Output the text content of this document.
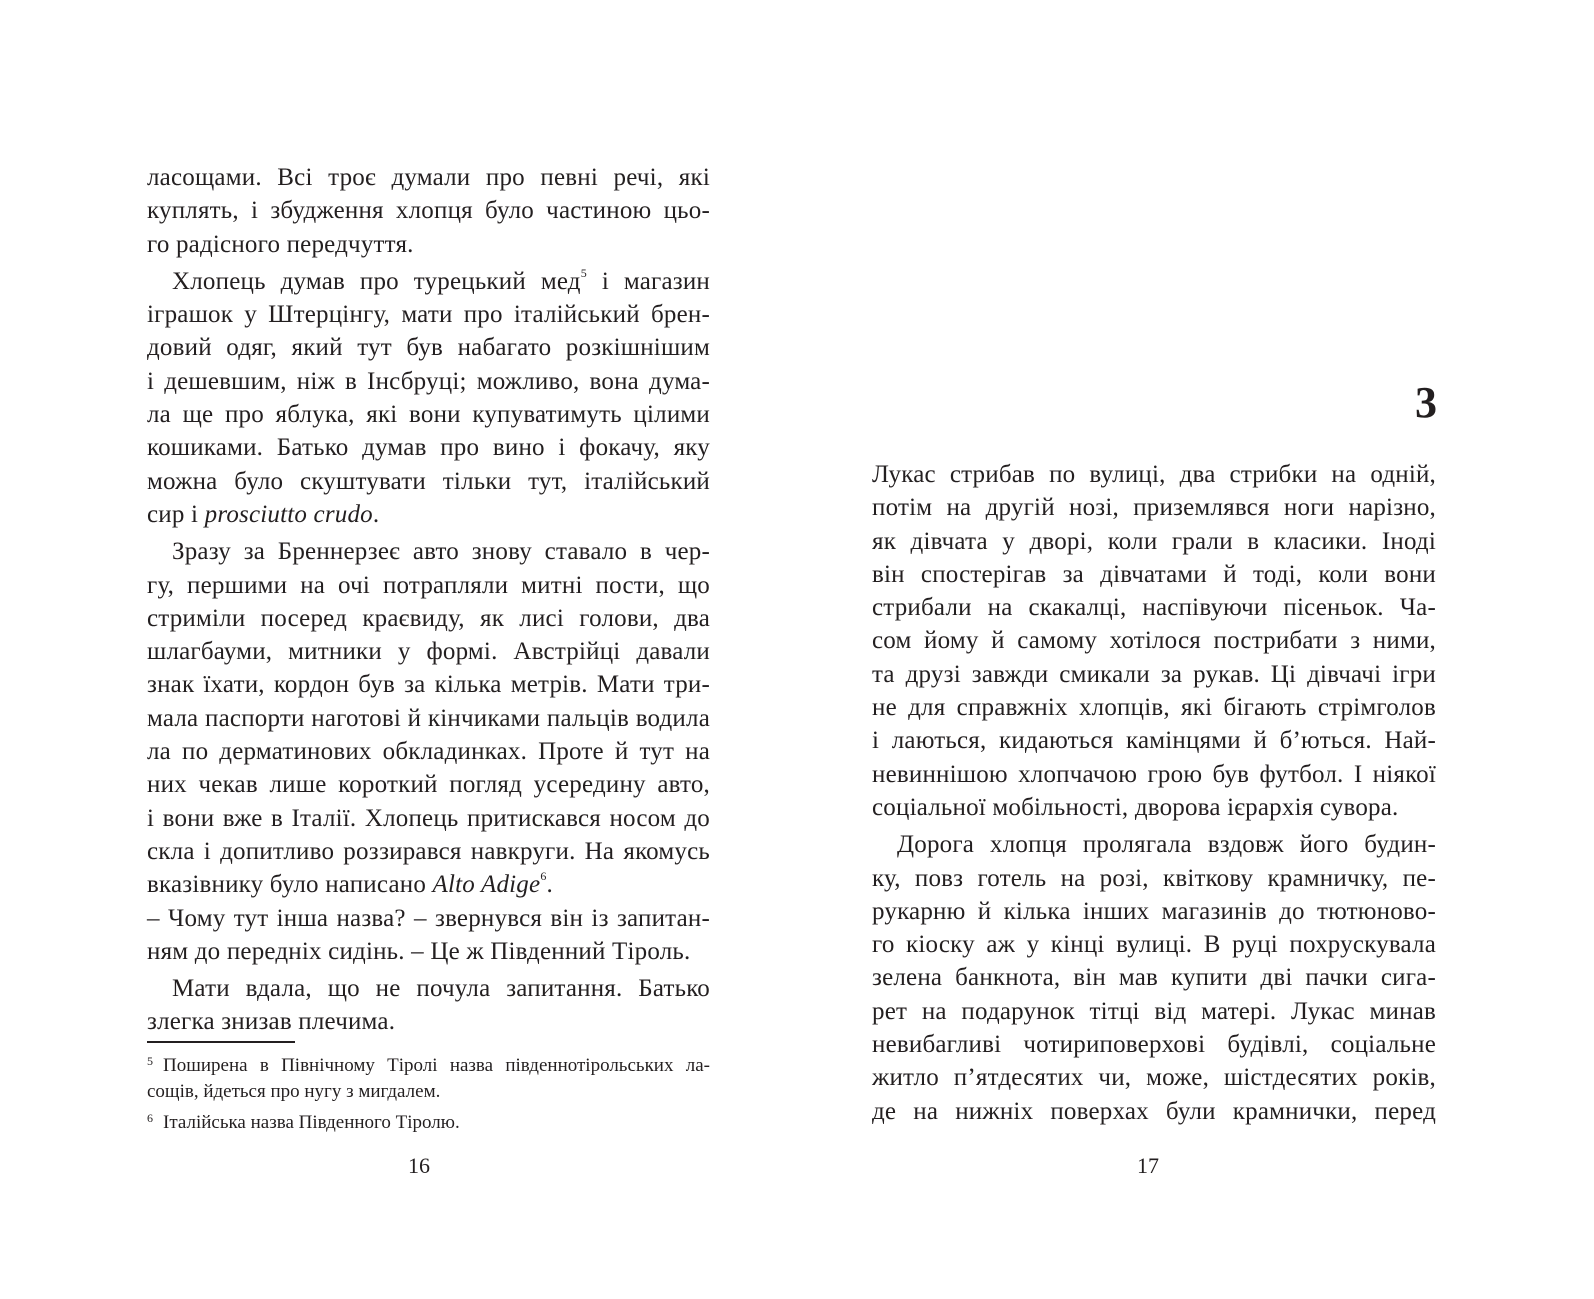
ласощами. Всі троє думали про певні речі, які
куплять, і збудження хлопця було частиною цьо-
го радісного передчуття.
Хлопець думав про турецький мед$^5$ і магазин
іграшок у Штерцінгу, мати про італійський брен-
довий одяг, який тут був набагато розкішнішим
і дешевшим, ніж в Інсбруці; можливо, вона дума-
ла ще про яблука, які вони купуватимуть цілими
кошиками. Батько думав про вино і фокачу, яку
можна було скуштувати тільки тут, італійський
сир і prosciutto crudo.
Зразу за Бреннерзеє авто знову ставало в чер-
гу, першими на очі потрапляли митні пости, що
стриміли посеред краєвиду, як лисі голови, два
шлагбауми, митники у формі. Австрійці давали
знак їхати, кордон був за кілька метрів. Мати три-
мала паспорти наготові й кінчиками пальців водила
ла по дерматинових обкладинках. Проте й тут на
них чекав лише короткий погляд усередину авто,
і вони вже в Італії. Хлопець притискався носом до
скла і допитливо роззирався навкруги. На якомусь
вказівнику було написано Alto Adige$^6$.
– Чому тут інша назва? – звернувся він із запитан-
ням до передніх сидінь. – Це ж Південний Тіроль.
Мати вдала, що не почула запитання. Батько
злегка знизав плечима.
$^5$ Поширена в Північному Тіролі назва південнотірольських ла-
сощів, йдеться про нугу з мигдалем.
$^6$ Італійська назва Південного Тіролю.
16
3
Лукас стрибав по вулиці, два стрибки на одній,
потім на другій нозі, приземлявся ноги нарізно,
як дівчата у дворі, коли грали в класики. Іноді
він спостерігав за дівчатами й тоді, коли вони
стрибали на скакалці, наспівуючи пісеньок. Ча-
сом йому й самому хотілося пострибати з ними,
та друзі завжди смикали за рукав. Ці дівчачі ігри
не для справжніх хлопців, які бігають стрімголов
і лаються, кидаються камінцями й б’ються. Най-
невиннішою хлопчачою грою був футбол. І ніякої
соціальної мобільності, дворова ієрархія сувора.
Дорога хлопця пролягала вздовж його будин-
ку, повз готель на розі, квіткову крамничку, пе-
рукарню й кілька інших магазинів до тютюново-
го кіоску аж у кінці вулиці. В руці похрускувала
зелена банкнота, він мав купити дві пачки сига-
рет на подарунок тітці від матері. Лукас минав
невибагливі чотириповерхові будівлі, соціальне
житло п’ятдесятих чи, може, шістдесятих років,
де на нижніх поверхах були крамнички, перед
17
